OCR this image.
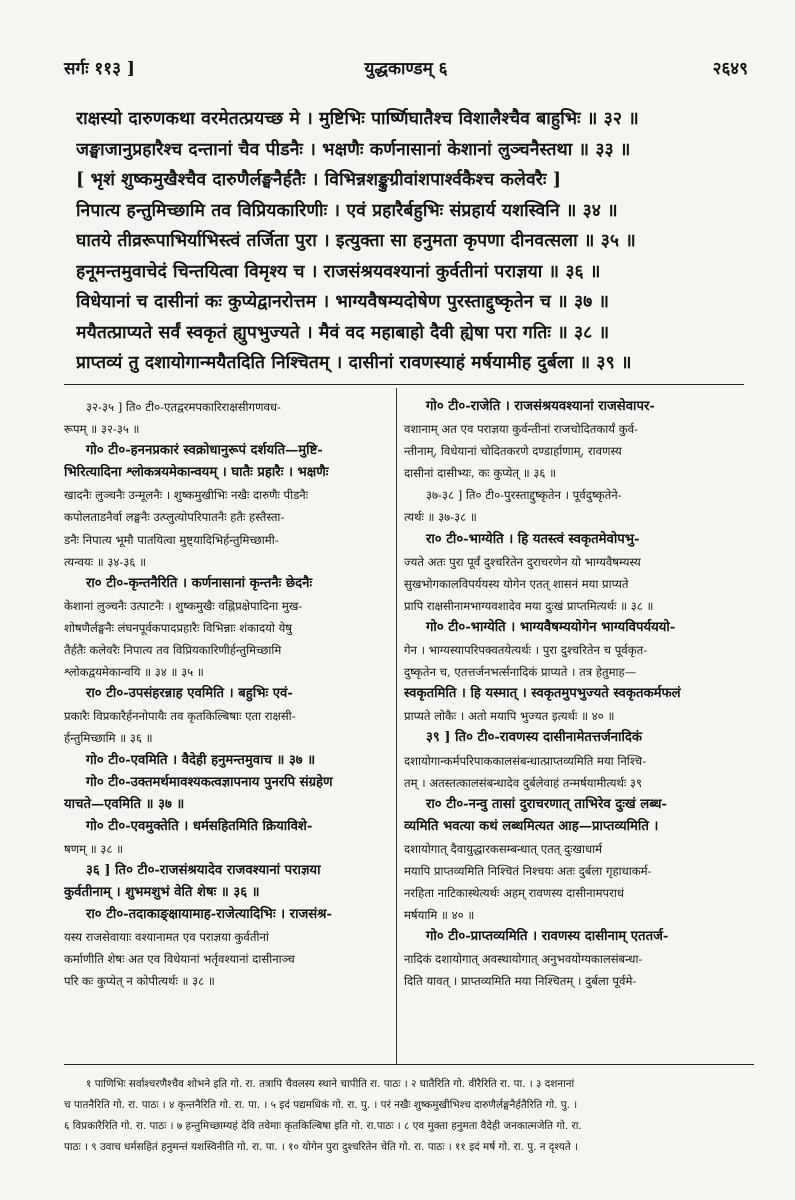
सर्गः ११३ ]	युद्धकाण्डम् ६	२६४९
राक्षस्यो दारुणकथा वरमेतत्प्रयच्छ मे । मुष्टिभिः पार्ष्णिघातैश्च विशालैश्चैव बाहुभिः ॥ ३२ ॥
जङ्घाजानुप्रहारैश्च दन्तानां चैव पीडनैः । भक्षणैः कर्णनासानां केशानां लुञ्चनैस्तथा ॥ ३३ ॥
[ भृशं शुष्कमुखैश्चैव दारुणैर्लङ्घनैर्हतैः । विभिन्नशङ्कुग्रीवांशपार्श्वकैश्च कलेवरैः ]
निपात्य हन्तुमिच्छामि तव विप्रियकारिणीः । एवं प्रहारैर्बहुभिः संप्रहार्य यशस्विनि ॥ ३४ ॥
घातये तीव्ररूपाभिर्याभिस्त्वं तर्जिता पुरा । इत्युक्ता सा हनुमता कृपणा दीनवत्सला ॥ ३५ ॥
हनूमन्तमुवाचेदं चिन्तयित्वा विमृश्य च । राजसंश्रयवश्यानां कुर्वतीनां पराज्ञया ॥ ३६ ॥
विधेयानां च दासीनां कः कुप्येद्वानरोत्तम । भाग्यवैषम्यदोषेण पुरस्ताद्दुष्कृतेन च ॥ ३७ ॥
मयैतत्प्राप्यते सर्वं स्वकृतं ह्युपभुज्यते । मैवं वद महाबाहो दैवी ह्येषा परा गतिः ॥ ३८ ॥
प्राप्तव्यं तु दशायोगान्मयैतदिति निश्चितम् । दासीनां रावणस्याहं मर्षयामीह दुर्बला ॥ ३९ ॥
३२-३५ ] ति० टी०-एतद्वरमपकारिराक्षसीगणवध-
रूपम् ॥ ३२-३५ ॥
गो० टी०-हननप्रकारं स्वक्रोधानुरूपं दर्शयति—मुष्टि-
भिरित्यादिना श्लोकत्रयमेकान्वयम् । घातैः प्रहारैः । भक्षणैः
खादनैः लुञ्चनैः उन्मूलनैः । शुष्कमुखीभिः नखैः दारुणैः पीडनैः
कपोलताडनैर्वा लङ्घनैः उत्प्लुत्योपरिपातनैः हतैः हस्तैस्ता-
डनैः निपात्य भूमौ पातयित्वा मुष्ट्यादिभिर्हन्तुमिच्छामी-
त्यन्वयः ॥ ३४-३६ ॥
रा० टी०-कृन्तनैरिति । कर्णनासानां कृन्तनैः छेदनैः
केशानां लुञ्चनैः उत्पाटनैः । शुष्कमुखैः वह्निप्रक्षेपादिना मुख-
शोषणैर्लङ्घनैः लंघनपूर्वकपादप्रहारैः विभिन्नाः शंकादयो येषु
तैर्हतैः कलेवरैः निपात्य तव विप्रियकारिणीर्हन्तुमिच्छामि
श्लोकद्वयमेकान्वयि ॥ ३४ ॥ ३५ ॥
रा० टी०-उपसंहरन्नाह एवमिति । बहुभिः एवं-
प्रकारैः विप्रकारैर्हननोपायैः तव कृतकिल्बिषाः एता राक्षसी-
र्हन्तुमिच्छामि ॥ ३६ ॥
गो० टी०-एवमिति । वैदेही हनुमन्तमुवाच ॥ ३७ ॥
गो० टी०-उक्तमर्थमावश्यकत्वज्ञापनाय पुनरपि संग्रहेण
याचते—एवमिति ॥ ३७ ॥
गो० टी०-एवमुक्तेति । धर्मसहितमिति क्रियाविशे-
षणम् ॥ ३८ ॥
३६ ] ति० टी०-राजसंश्रयादेव राजवश्यानां पराज्ञया
कुर्वतीनाम् । शुभमशुभं वेति शेषः ॥ ३६ ॥
रा० टी०-तदाकाङ्क्षायामाह-राजेत्यादिभिः । राजसंश्र-
यस्य राजसेवायाः वश्यानामत एव पराज्ञया कुर्वतीनां
कर्माणीति शेषः अत एव विधेयानां भर्तृवश्यानां दासीनाञ्च
परि कः कुप्येत् न कोपीत्यर्थः ॥ ३८ ॥
गो० टी०-राजेति । राजसंश्रयवश्यानां राजसेवापर-
वशानाम् अत एव पराज्ञया कुर्वन्तीनां राजचोदितकार्यं कुर्व-
न्तीनाम्, विधेयानां चोदितकरणे दण्डार्हाणाम्, रावणस्य
दासीनां दासीभ्यः, कः कुप्येत् ॥ ३६ ॥
३७-३८ ] ति० टी०-पुरस्ताद्दुष्कृतेन । पूर्वदुष्कृतेने-
त्यर्थः ॥ ३७-३८ ॥
रा० टी०-भाग्येति । हि यतस्त्वं स्वकृतमेवोपभु-
ज्यते अतः पुरा पूर्वं दुश्चरितेन दुराचरणेन यो भाग्यवैषम्यस्य
सुखभोगकालविपर्ययस्य योगेन एतत् शासनं मया प्राप्यते
प्रापि राक्षसीनामभाग्यवशादेव मया दुःखं प्राप्तमित्यर्थः ॥ ३८ ॥
गो० टी०-भाग्येति । भाग्यवैषम्ययोगेन भाग्यविपर्यययो-
गेन । भाग्यस्यापरिपक्वतयेत्यर्थः । पुरा दुश्चरितेन च पूर्वकृत-
दुष्कृतेन च, एतत्तर्जनभर्त्सनादिकं प्राप्यते । तत्र हेतुमाह—
स्वकृतमिति । हि यस्मात् । स्वकृतमुपभुज्यते स्वकृतकर्मफलं
प्राप्यते लोकैः । अतो मयापि भुज्यत इत्यर्थः ॥ ४० ॥
३९ ] ति० टी०-रावणस्य दासीनामेतत्तर्जनादिकं
दशायोगान्कर्मपरिपाककालसंबन्धात्प्राप्तव्यमिति मया निश्चि-
तम् । अतस्तत्कालसंबन्धादेव दुर्बलेवाहं तन्मर्षयामीत्यर्थः ३९
रा० टी०-नन्वु तासां दुराचरणात् ताभिरेव दुःखं लब्ध-
व्यमिति भवत्या कथं लब्धमित्यत आह—प्राप्तव्यमिति ।
दशायोगात् दैवायुद्धारकसम्बन्धात् एतत् दुःखाधार्म
मयापि प्राप्तव्यमिति निश्चितं निश्चयः अतः दुर्बला गृहाधाकर्म-
नरहिता नाटिकास्थेत्यर्थः अहम् रावणस्य दासीनामपराधं
मर्षयामि ॥ ४० ॥
गो० टी०-प्राप्तव्यमिति । रावणस्य दासीनाम् एततर्ज-
नादिकं दशायोगात् अवस्थायोगात् अनुभवयोग्यकालसंबन्धा-
दिति यावत् । प्राप्तव्यमिति मया निश्चितम् । दुर्बला पूर्वमे-
१ पाणिभिः सर्वाश्चरणैश्चैव शोभने इति गो. रा. तत्रापि चैवलस्य स्थाने चापीति रा. पाठः । २ घातैरिति गो. वीरैरिति रा. पा. । ३ दशनानां
च पातनैरिति गो. रा. पाठः । ४ कृन्तनैरिति गो. रा. पा. । ५ इदं पद्यमधिकं गो. रा. पु. । परं नखैः शुष्कमुखीभिश्च दारुणैर्लङ्घनैर्हतैरिति गो. पु. ।
६ विप्रकारैरिति गो. रा. पाठः । ७ हन्तुमिच्छाम्यहं देवि तवेमाः कृतकिल्बिषा इति गो. रा.पाठः । ८ एव मुक्ता हनुमता वैदेही जनकात्मजेति गो. रा.
पाठः । ९ उवाच धर्मसहितं हनुमन्तं यशस्विनीति गो. रा. पा. । १० योगेन पुरा दुश्चरितेन चेति गो. रा. पाठः । ११ इदं मर्ष गो. रा. पु. न दृश्यते ।
